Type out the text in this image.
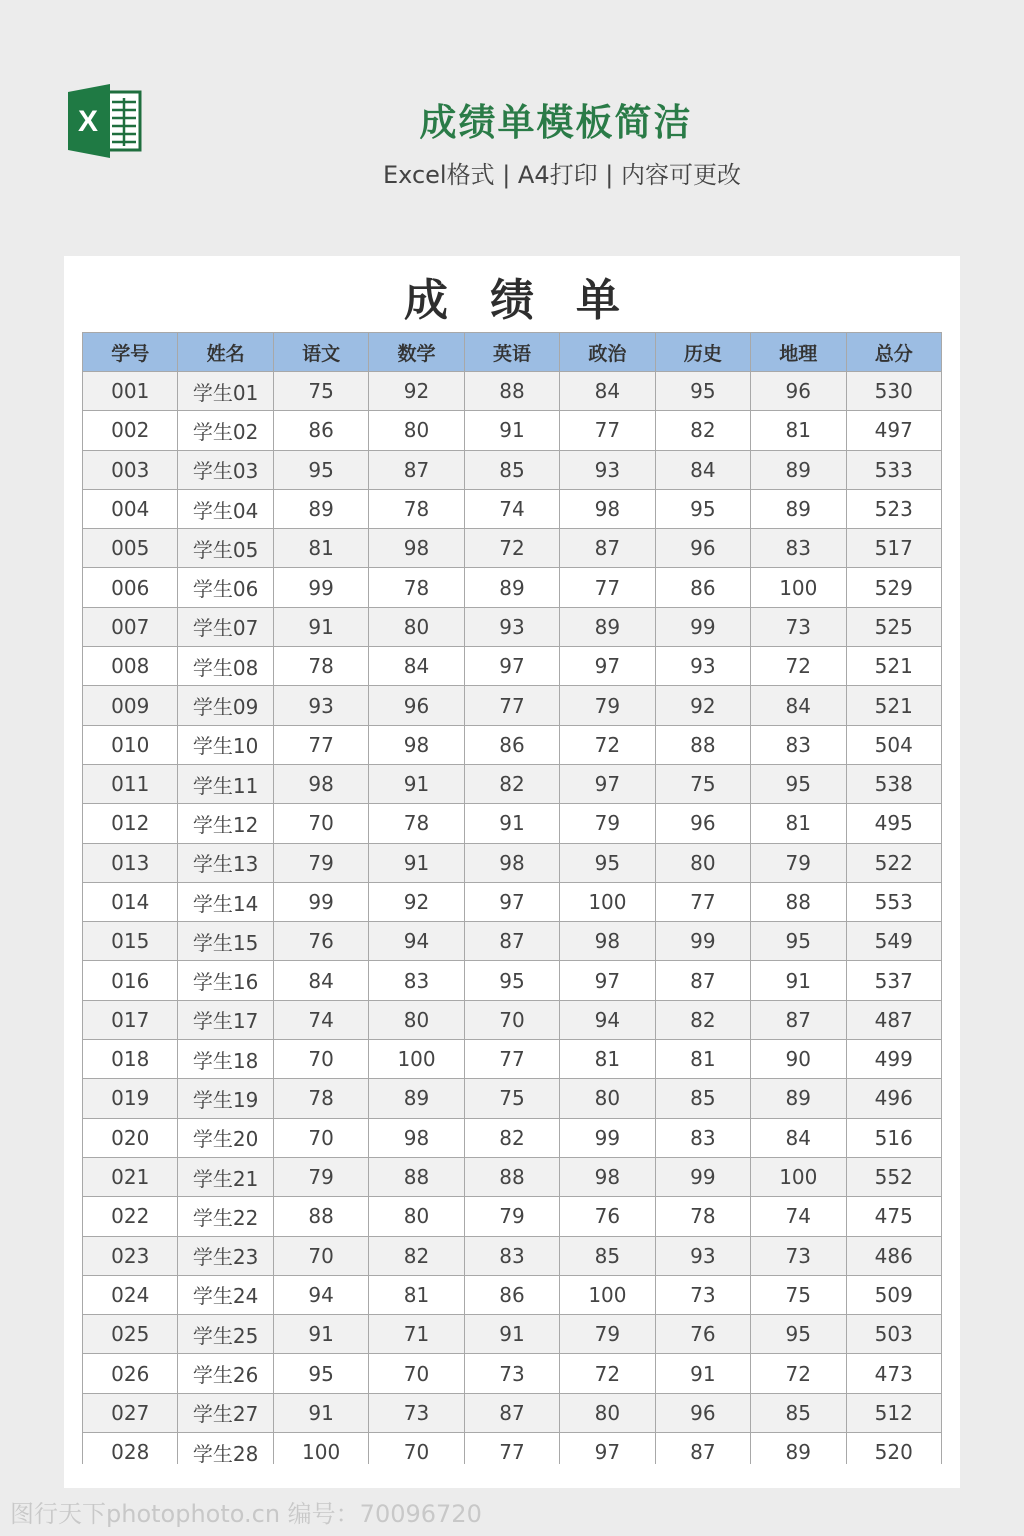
X	成绩单模板简洁
Excel格式 | A4打印 | 内容可更改
成绩单
学号	姓名	语文	数学	英语	政治	历史	地理	总分
001	学生01	75	92	88	84	95	96	530
002	学生02	86	80	91	77	82	81	497
003	学生03	95	87	85	93	84	89	533
004	学生04	89	78	74	98	95	89	523
005	学生05	81	98	72	87	96	83	517
006	学生06	99	78	89	77	86	100	529
007	学生07	91	80	93	89	99	73	525
008	学生08	78	84	97	97	93	72	521
009	学生09	93	96	77	79	92	84	521
010	学生10	77	98	86	72	88	83	504
011	学生11	98	91	82	97	75	95	538
012	学生12	70	78	91	79	96	81	495
013	学生13	79	91	98	95	80	79	522
014	学生14	99	92	97	100	77	88	553
015	学生15	76	94	87	98	99	95	549
016	学生16	84	83	95	97	87	91	537
017	学生17	74	80	70	94	82	87	487
018	学生18	70	100	77	81	81	90	499
019	学生19	78	89	75	80	85	89	496
020	学生20	70	98	82	99	83	84	516
021	学生21	79	88	88	98	99	100	552
022	学生22	88	80	79	76	78	74	475
023	学生23	70	82	83	85	93	73	486
024	学生24	94	81	86	100	73	75	509
025	学生25	91	71	91	79	76	95	503
026	学生26	95	70	73	72	91	72	473
027	学生27	91	73	87	80	96	85	512
028	学生28	100	70	77	97	87	89	520
图行天下photophoto.cn 编号：70096720
